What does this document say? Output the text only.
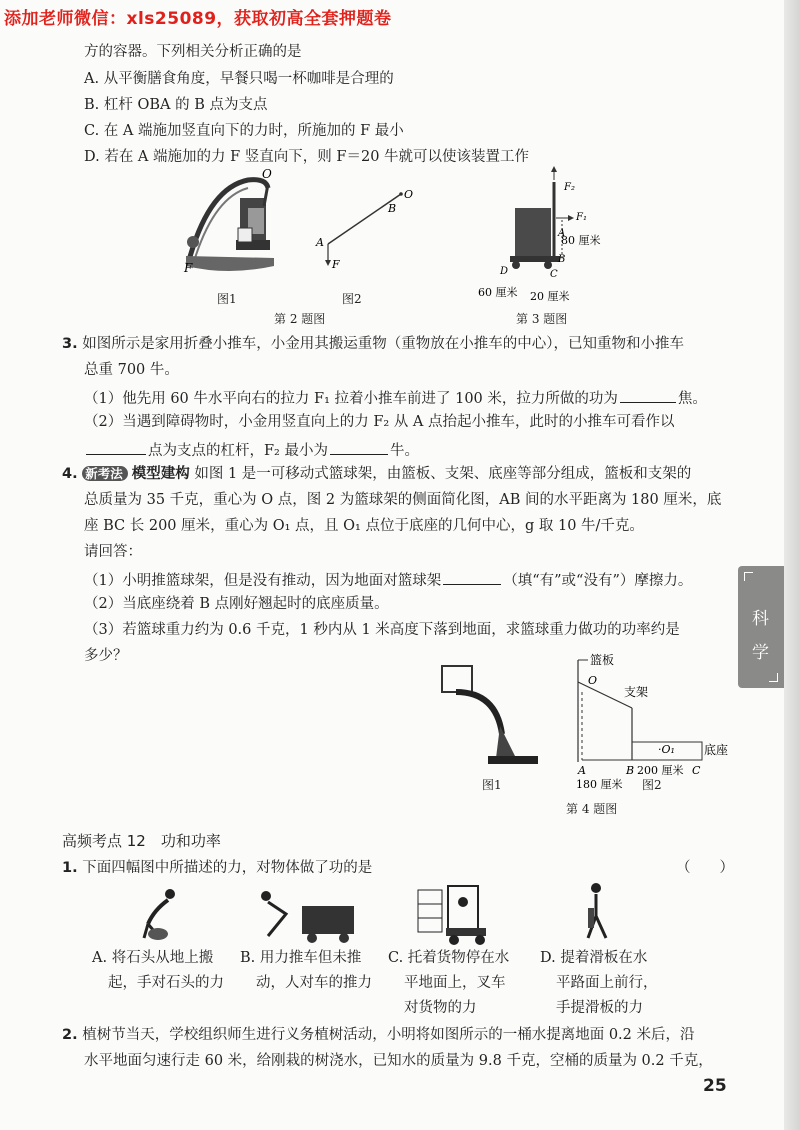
添加老师微信：xls25089，获取初高全套押题卷
方的容器。下列相关分析正确的是
A. 从平衡膳食角度，早餐只喝一杯咖啡是合理的
B. 杠杆 OBA 的 B 点为支点
C. 在 A 端施加竖直向下的力时，所施加的 F 最小
D. 若在 A 端施加的力 F 竖直向下，则 F＝20 牛就可以使该装置工作
O
F
O
B
A
F
F₂
F₁
80 厘米
A
B
C
D
60 厘米 20 厘米
图1	图2
第 2 题图	第 3 题图
3. 如图所示是家用折叠小推车，小金用其搬运重物（重物放在小推车的中心），已知重物和小推车
总重 700 牛。
（1）他先用 60 牛水平向右的拉力 F₁ 拉着小推车前进了 100 米，拉力所做的功为	焦。
（2）当遇到障碍物时，小金用竖直向上的力 F₂ 从 A 点抬起小推车，此时的小推车可看作以
点为支点的杠杆，F₂ 最小为	牛。
4. 新考法 模型建构 如图 1 是一可移动式篮球架，由篮板、支架、底座等部分组成，篮板和支架的
总质量为 35 千克，重心为 O 点，图 2 为篮球架的侧面简化图，AB 间的水平距离为 180 厘米，底
座 BC 长 200 厘米，重心为 O₁ 点，且 O₁ 点位于底座的几何中心，g 取 10 牛/千克。
请回答：
（1）小明推篮球架，但是没有推动，因为地面对篮球架	（填“有”或“没有”）摩擦力。
（2）当底座绕着 B 点刚好翘起时的底座质量。
（3）若篮球重力约为 0.6 千克，1 秒内从 1 米高度下落到地面，求篮球重力做功的功率约是
多少？	篮板
O
支架
·O₁ 底座
A	B 200 厘米 C
180 厘米
图1	图2
第 4 题图
科
学
高频考点 12　 功和功率
1. 下面四幅图中所描述的力，对物体做了功的是	（　　）
A. 将石头从地上搬
起，手对石头的力
B. 用力推车但未推
动，人对车的推力
C. 托着货物停在水
平地面上，叉车
对货物的力
D. 提着滑板在水
平路面上前行，
手提滑板的力
2. 植树节当天，学校组织师生进行义务植树活动，小明将如图所示的一桶水提离地面 0.2 米后，沿
水平地面匀速行走 60 米，给刚栽的树浇水，已知水的质量为 9.8 千克，空桶的质量为 0.2 千克，
25
